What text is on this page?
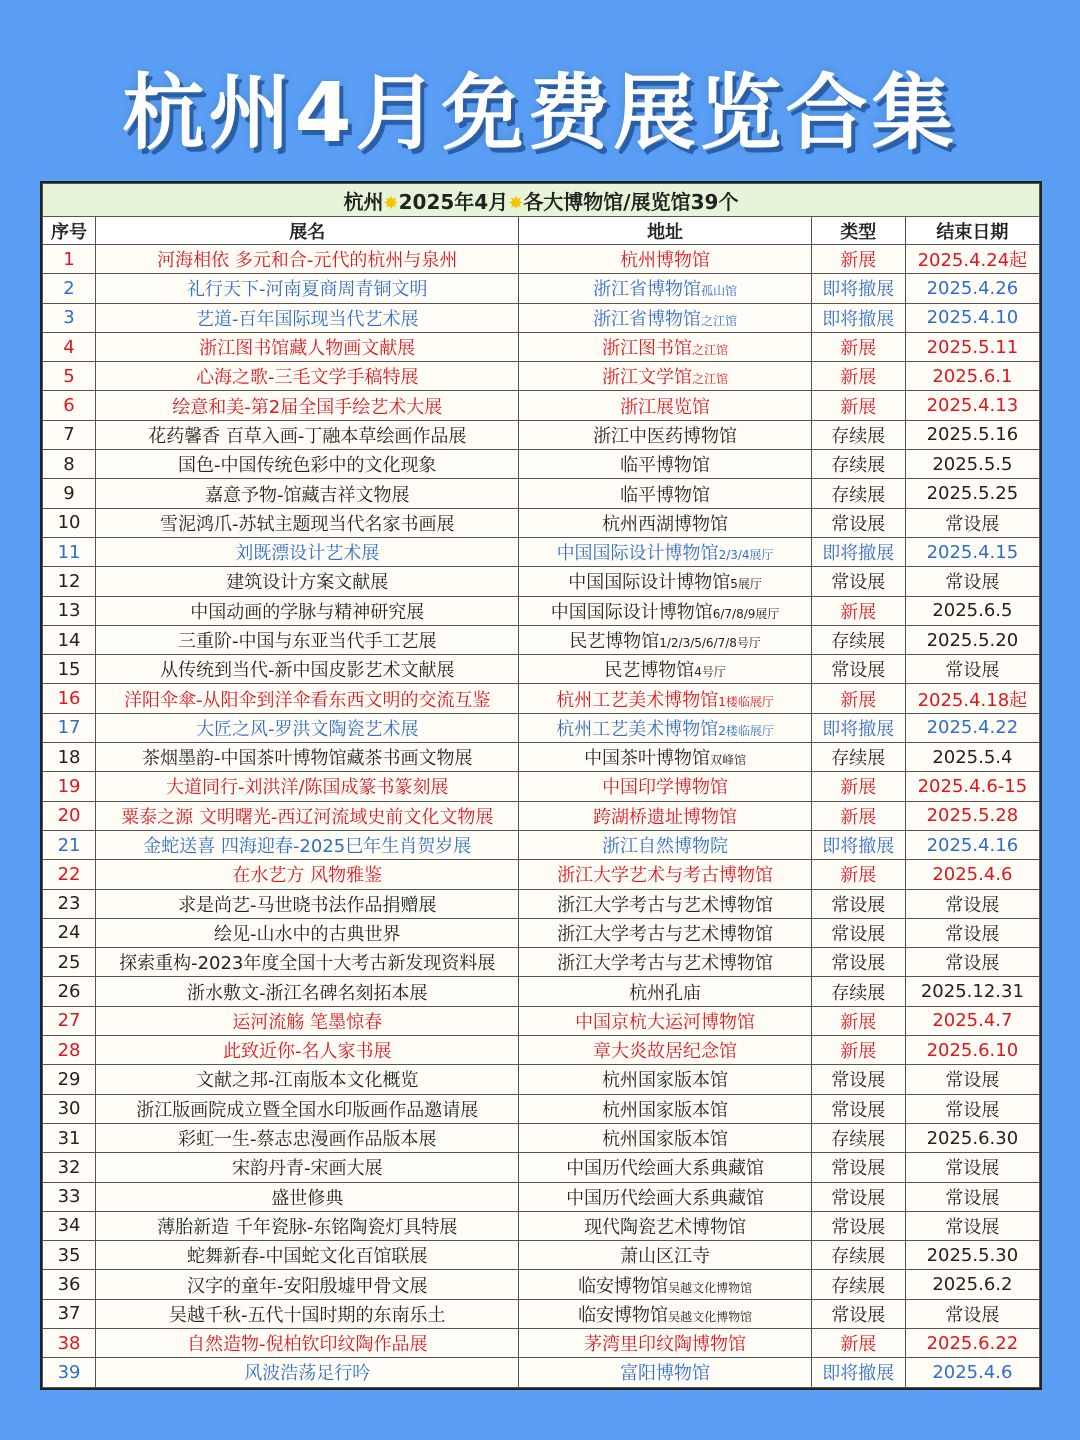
杭州4月免费展览合集
杭州✸2025年4月✸各大博物馆/展览馆39个				
序号	展名	地址	类型	结束日期
1	河海相依 多元和合-元代的杭州与泉州	杭州博物馆	新展	2025.4.24起
2	礼行天下-河南夏商周青铜文明	浙江省博物馆孤山馆	即将撤展	2025.4.26
3	艺道-百年国际现当代艺术展	浙江省博物馆之江馆	即将撤展	2025.4.10
4	浙江图书馆藏人物画文献展	浙江图书馆之江馆	新展	2025.5.11
5	心海之歌-三毛文学手稿特展	浙江文学馆之江馆	新展	2025.6.1
6	绘意和美-第2届全国手绘艺术大展	浙江展览馆	新展	2025.4.13
7	花药馨香 百草入画-丁融本草绘画作品展	浙江中医药博物馆	存续展	2025.5.16
8	国色-中国传统色彩中的文化现象	临平博物馆	存续展	2025.5.5
9	嘉意予物-馆藏吉祥文物展	临平博物馆	存续展	2025.5.25
10	雪泥鸿爪-苏轼主题现当代名家书画展	杭州西湖博物馆	常设展	常设展
11	刘既漂设计艺术展	中国国际设计博物馆2/3/4展厅	即将撤展	2025.4.15
12	建筑设计方案文献展	中国国际设计博物馆5展厅	常设展	常设展
13	中国动画的学脉与精神研究展	中国国际设计博物馆6/7/8/9展厅	新展	2025.6.5
14	三重阶-中国与东亚当代手工艺展	民艺博物馆1/2/3/5/6/7/8号厅	存续展	2025.5.20
15	从传统到当代-新中国皮影艺术文献展	民艺博物馆4号厅	常设展	常设展
16	洋阳伞傘-从阳伞到洋伞看东西文明的交流互鉴	杭州工艺美术博物馆1楼临展厅	新展	2025.4.18起
17	大匠之风-罗洪文陶瓷艺术展	杭州工艺美术博物馆2楼临展厅	即将撤展	2025.4.22
18	茶烟墨韵-中国茶叶博物馆藏茶书画文物展	中国茶叶博物馆双峰馆	存续展	2025.5.4
19	大道同行-刘洪洋/陈国成篆书篆刻展	中国印学博物馆	新展	2025.4.6-15
20	粟泰之源 文明曙光-西辽河流域史前文化文物展	跨湖桥遗址博物馆	新展	2025.5.28
21	金蛇送喜 四海迎春-2025巳年生肖贺岁展	浙江自然博物院	即将撤展	2025.4.16
22	在水艺方 风物雅鉴	浙江大学艺术与考古博物馆	新展	2025.4.6
23	求是尚艺-马世晓书法作品捐赠展	浙江大学考古与艺术博物馆	常设展	常设展
24	绘见-山水中的古典世界	浙江大学考古与艺术博物馆	常设展	常设展
25	探索重构-2023年度全国十大考古新发现资料展	浙江大学考古与艺术博物馆	常设展	常设展
26	浙水敷文-浙江名碑名刻拓本展	杭州孔庙	存续展	2025.12.31
27	运河流觞 笔墨惊春	中国京杭大运河博物馆	新展	2025.4.7
28	此致近你-名人家书展	章大炎故居纪念馆	新展	2025.6.10
29	文献之邦-江南版本文化概览	杭州国家版本馆	常设展	常设展
30	浙江版画院成立暨全国水印版画作品邀请展	杭州国家版本馆	常设展	常设展
31	彩虹一生-蔡志忠漫画作品版本展	杭州国家版本馆	存续展	2025.6.30
32	宋韵丹青-宋画大展	中国历代绘画大系典藏馆	常设展	常设展
33	盛世修典	中国历代绘画大系典藏馆	常设展	常设展
34	薄胎新造 千年瓷脉-东铭陶瓷灯具特展	现代陶瓷艺术博物馆	常设展	常设展
35	蛇舞新春-中国蛇文化百馆联展	萧山区江寺	存续展	2025.5.30
36	汉字的童年-安阳殷墟甲骨文展	临安博物馆吴越文化博物馆	存续展	2025.6.2
37	吴越千秋-五代十国时期的东南乐土	临安博物馆吴越文化博物馆	常设展	常设展
38	自然造物-倪柏钦印纹陶作品展	茅湾里印纹陶博物馆	新展	2025.6.22
39	风波浩荡足行吟	富阳博物馆	即将撤展	2025.4.6
